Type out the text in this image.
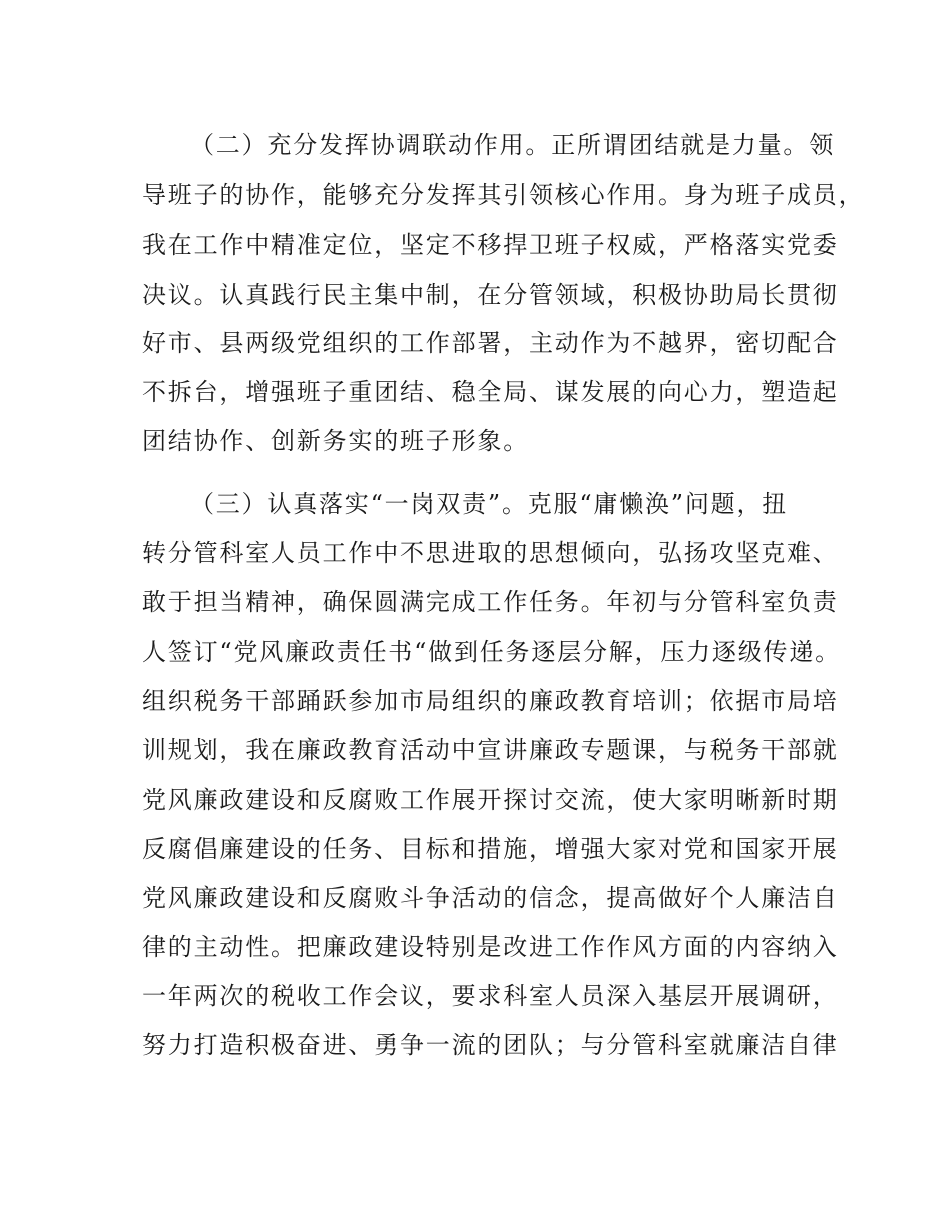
（二）充分发挥协调联动作用。正所谓团结就是力量。领

导班子的协作，能够充分发挥其引领核心作用。身为班子成员，

我在工作中精准定位，坚定不移捍卫班子权威，严格落实党委

决议。认真践行民主集中制，在分管领域，积极协助局长贯彻

好市、县两级党组织的工作部署，主动作为不越界，密切配合

不拆台，增强班子重团结、稳全局、谋发展的向心力，塑造起

团结协作、创新务实的班子形象。

（三）认真落实“一岗双责”。克服“庸懒涣”问题，扭

转分管科室人员工作中不思进取的思想倾向，弘扬攻坚克难、

敢于担当精神，确保圆满完成工作任务。年初与分管科室负责

人签订“党风廉政责任书“做到任务逐层分解，压力逐级传递。

组织税务干部踊跃参加市局组织的廉政教育培训；依据市局培

训规划，我在廉政教育活动中宣讲廉政专题课，与税务干部就

党风廉政建设和反腐败工作展开探讨交流，使大家明晰新时期

反腐倡廉建设的任务、目标和措施，增强大家对党和国家开展

党风廉政建设和反腐败斗争活动的信念，提高做好个人廉洁自

律的主动性。把廉政建设特别是改进工作作风方面的内容纳入

一年两次的税收工作会议，要求科室人员深入基层开展调研，

努力打造积极奋进、勇争一流的团队；与分管科室就廉洁自律
